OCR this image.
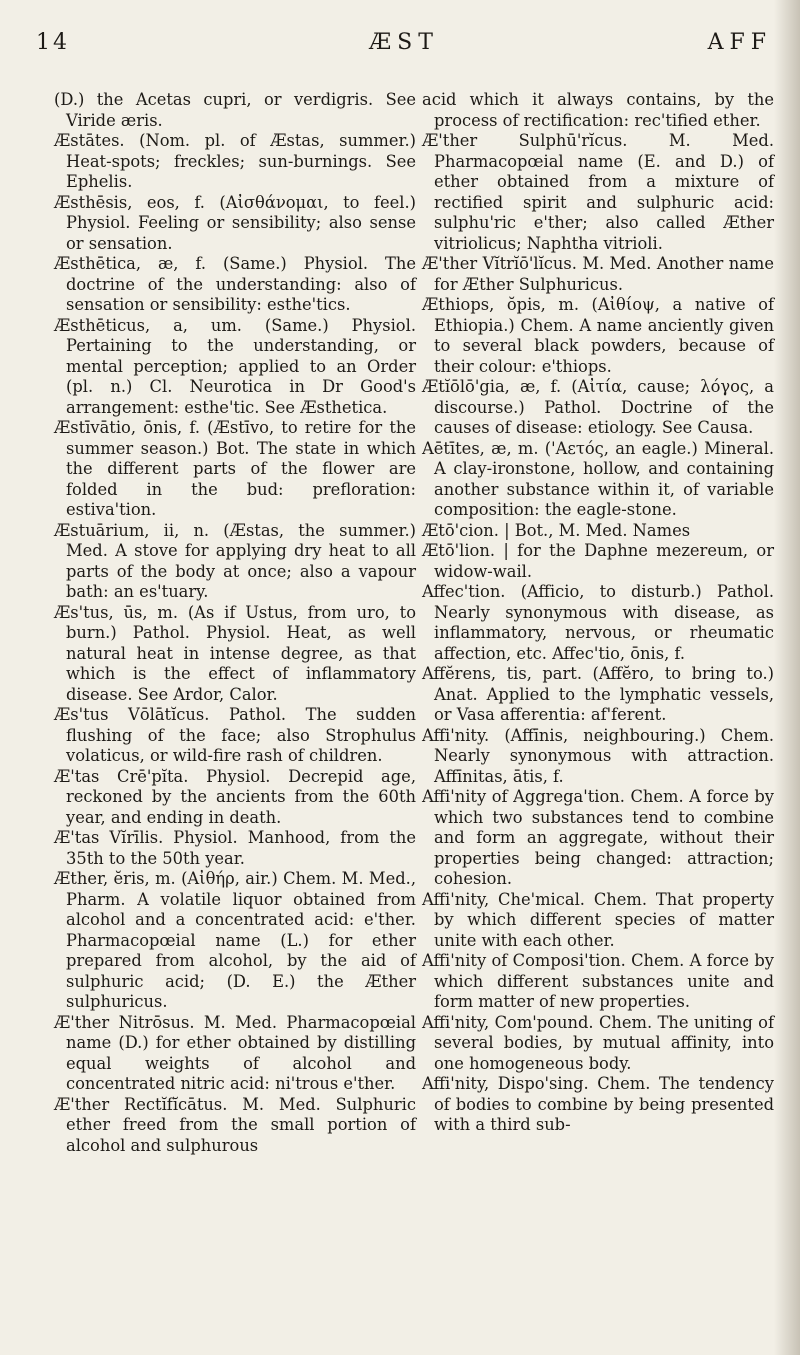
14	ÆST	AFF

(D.) the Acetas cupri, or verdigris. See Viride æris.

Æstātes. (Nom. pl. of Æstas, summer.) Heat-spots; freckles; sun-burnings. See Ephelis.

Æsthēsis, eos, f. (Αἰσθάνομαι, to feel.) Physiol. Feeling or sensibility; also sense or sensation.

Æsthētica, æ, f. (Same.) Physiol. The doctrine of the understanding: also of sensation or sensibility: esthe'tics.

Æsthēticus, a, um. (Same.) Physiol. Pertaining to the understanding, or mental perception; applied to an Order (pl. n.) Cl. Neurotica in Dr Good's arrangement: esthe'tic. See Æsthetica.

Æstīvātio, ōnis, f. (Æstīvo, to retire for the summer season.) Bot. The state in which the different parts of the flower are folded in the bud: prefloration: estiva'tion.

Æstuārium, ii, n. (Æstas, the summer.) Med. A stove for applying dry heat to all parts of the body at once; also a vapour bath: an es'tuary.

Æs'tus, ūs, m. (As if Ustus, from uro, to burn.) Pathol. Physiol. Heat, as well natural heat in intense degree, as that which is the effect of inflammatory disease. See Ardor, Calor.

Æs'tus Vōlātĭcus. Pathol. The sudden flushing of the face; also Strophulus volaticus, or wild-fire rash of children.

Æ'tas Crē'pĭta. Physiol. Decrepid age, reckoned by the ancients from the 60th year, and ending in death.

Æ'tas Vĭrīlis. Physiol. Manhood, from the 35th to the 50th year.

Æther, ĕris, m. (Αἰθήρ, air.) Chem. M. Med., Pharm. A volatile liquor obtained from alcohol and a concentrated acid: e'ther. Pharmacopœial name (L.) for ether prepared from alcohol, by the aid of sulphuric acid; (D. E.) the Æther sulphuricus.

Æ'ther Nitrōsus. M. Med. Pharmacopœial name (D.) for ether obtained by distilling equal weights of alcohol and concentrated nitric acid: ni'trous e'ther.

Æ'ther Rectĭfĭcātus. M. Med. Sulphuric ether freed from the small portion of alcohol and sulphurous

acid which it always contains, by the process of rectification: rec'tified ether.

Æ'ther Sulphū'rĭcus. M. Med. Pharmacopœial name (E. and D.) of ether obtained from a mixture of rectified spirit and sulphuric acid: sulphu'ric e'ther; also called Æther vitriolicus; Naphtha vitrioli.

Æ'ther Vĭtrĭō'lĭcus. M. Med. Another name for Æther Sulphuricus.

Æthiops, ŏpis, m. (Αἰθίοψ, a native of Ethiopia.) Chem. A name anciently given to several black powders, because of their colour: e'thiops.

Ætĭōlō'gia, æ, f. (Αἰτία, cause; λόγος, a discourse.) Pathol. Doctrine of the causes of disease: etiology. See Causa.

Aētītes, æ, m. ('Αετός, an eagle.) Mineral. A clay-ironstone, hollow, and containing another substance within it, of variable composition: the eagle-stone.

Ætō'cion. | Bot., M. Med. Names

Ætō'lion. | for the Daphne mezereum, or widow-wail.

Affec'tion. (Afficio, to disturb.) Pathol. Nearly synonymous with disease, as inflammatory, nervous, or rheumatic affection, etc. Affec'tio, ōnis, f.

Affĕrens, tis, part. (Affĕro, to bring to.) Anat. Applied to the lymphatic vessels, or Vasa afferentia: af'ferent.

Affi'nity. (Affīnis, neighbouring.) Chem. Nearly synonymous with attraction. Affīnitas, ātis, f.

Affi'nity of Aggrega'tion. Chem. A force by which two substances tend to combine and form an aggregate, without their properties being changed: attraction; cohesion.

Affi'nity, Che'mical. Chem. That property by which different species of matter unite with each other.

Affi'nity of Composi'tion. Chem. A force by which different substances unite and form matter of new properties.

Affi'nity, Com'pound. Chem. The uniting of several bodies, by mutual affinity, into one homogeneous body.

Affi'nity, Dispo'sing. Chem. The tendency of bodies to combine by being presented with a third sub-
